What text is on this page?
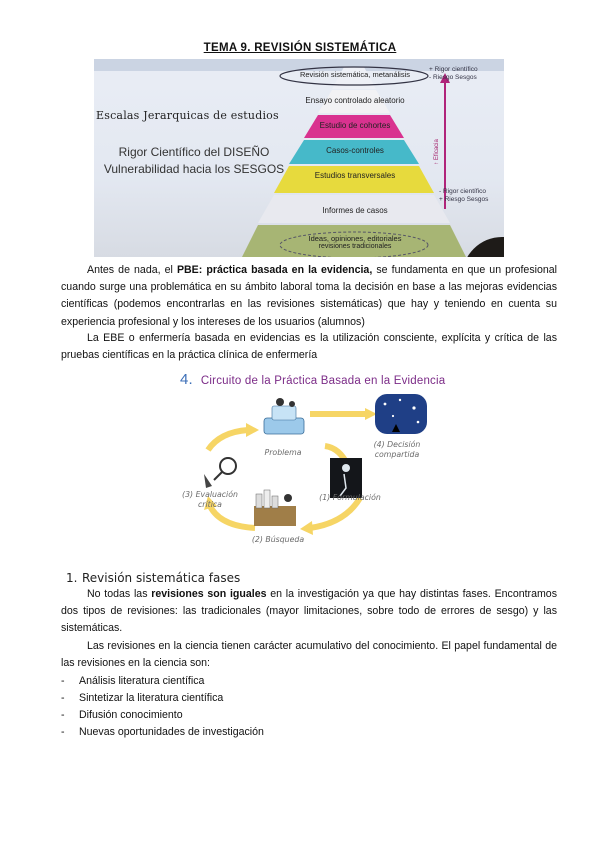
TEMA 9. REVISIÓN SISTEMÁTICA
Escalas Jerarquicas de estudios
Rigor Científico del DISEÑO
Vulnerabilidad hacia los SESGOS
Revisión sistemática, metanálisis
Ensayo controlado aleatorio
Estudio de cohortes
Casos-controles
Estudios transversales
Informes de casos
Ideas, opiniones, editoriales
revisiones tradicionales
+ Rigor científico
- Riesgo Sesgos
- Rigor científico
+ Riesgo Sesgos
↑ Eficacia
Antes de nada, el PBE: práctica basada en la evidencia, se fundamenta en que un profesional cuando surge una problemática en su ámbito laboral toma la decisión en base a las mejoras evidencias científicas (podemos encontrarlas en las revisiones sistemáticas) que hay y teniendo en cuenta su experiencia profesional y los intereses de los usuarios (alumnos)
La EBE o enfermería basada en evidencias es la utilización consciente, explícita y crítica de las pruebas científicas en la práctica clínica de enfermería
4. Circuito de la Práctica Basada en la Evidencia
Problema
(4) Decisión compartida
(1) Formulación
(2) Búsqueda
(3) Evaluación crítica
1. Revisión sistemática fases
No todas las revisiones son iguales en la investigación ya que hay distintas fases. Encontramos dos tipos de revisiones: las tradicionales (mayor limitaciones, sobre todo de errores de sesgo) y las sistemáticas.
Las revisiones en la ciencia tienen carácter acumulativo del conocimiento. El papel fundamental de las revisiones en la ciencia son:
- Análisis literatura científica
- Sintetizar la literatura científica
- Difusión conocimiento
- Nuevas oportunidades de investigación
